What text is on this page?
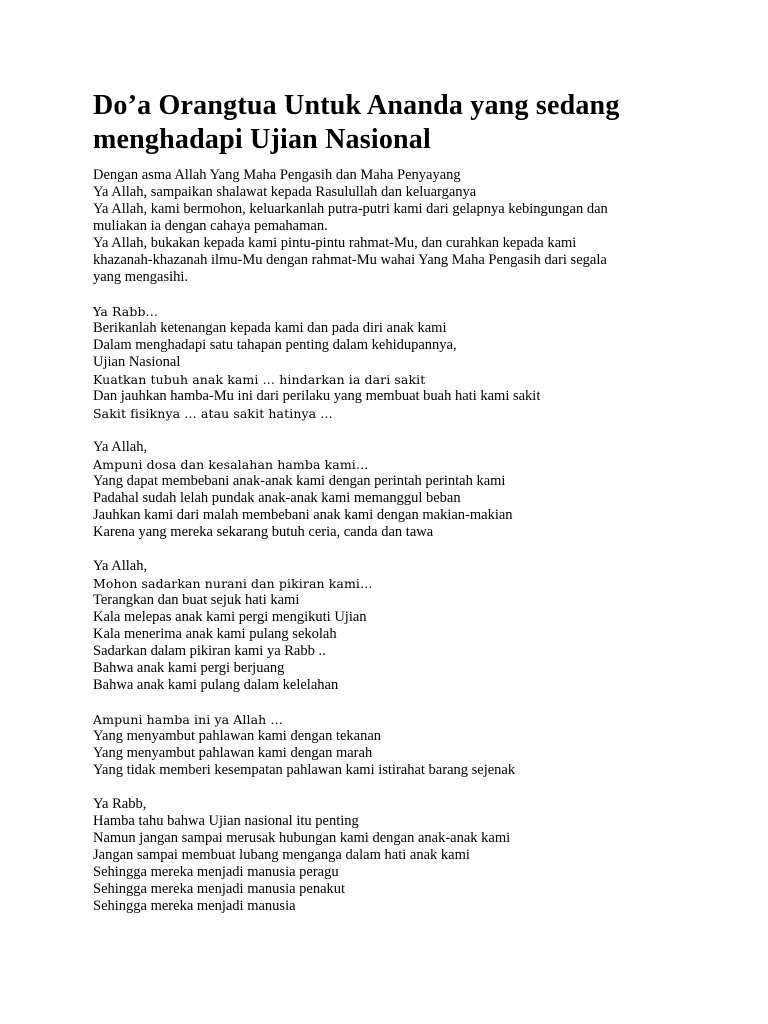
Do’a Orangtua Untuk Ananda yang sedang
menghadapi Ujian Nasional
Dengan asma Allah Yang Maha Pengasih dan Maha Penyayang
Ya Allah, sampaikan shalawat kepada Rasulullah dan keluarganya
Ya Allah, kami bermohon, keluarkanlah putra-putri kami dari gelapnya kebingungan dan
muliakan ia dengan cahaya pemahaman.
Ya Allah, bukakan kepada kami pintu-pintu rahmat-Mu, dan curahkan kepada kami
khazanah-khazanah ilmu-Mu dengan rahmat-Mu wahai Yang Maha Pengasih dari segala
yang mengasihi.
Ya Rabb…
Berikanlah ketenangan kepada kami dan pada diri anak kami
Dalam menghadapi satu tahapan penting dalam kehidupannya,
Ujian Nasional
Kuatkan tubuh anak kami … hindarkan ia dari sakit
Dan jauhkan hamba-Mu ini dari perilaku yang membuat buah hati kami sakit
Sakit fisiknya … atau sakit hatinya …
Ya Allah,
Ampuni dosa dan kesalahan hamba kami…
Yang dapat membebani anak-anak kami dengan perintah perintah kami
Padahal sudah lelah pundak anak-anak kami memanggul beban
Jauhkan kami dari malah membebani anak kami dengan makian-makian
Karena yang mereka sekarang butuh ceria, canda dan tawa
Ya Allah,
Mohon sadarkan nurani dan pikiran kami…
Terangkan dan buat sejuk hati kami
Kala melepas anak kami pergi mengikuti Ujian
Kala menerima anak kami pulang sekolah
Sadarkan dalam pikiran kami ya Rabb ..
Bahwa anak kami pergi berjuang
Bahwa anak kami pulang dalam kelelahan
Ampuni hamba ini ya Allah …
Yang menyambut pahlawan kami dengan tekanan
Yang menyambut pahlawan kami dengan marah
Yang tidak memberi kesempatan pahlawan kami istirahat barang sejenak
Ya Rabb,
Hamba tahu bahwa Ujian nasional itu penting
Namun jangan sampai merusak hubungan kami dengan anak-anak kami
Jangan sampai membuat lubang menganga dalam hati anak kami
Sehingga mereka menjadi manusia peragu
Sehingga mereka menjadi manusia penakut
Sehingga mereka menjadi manusia
